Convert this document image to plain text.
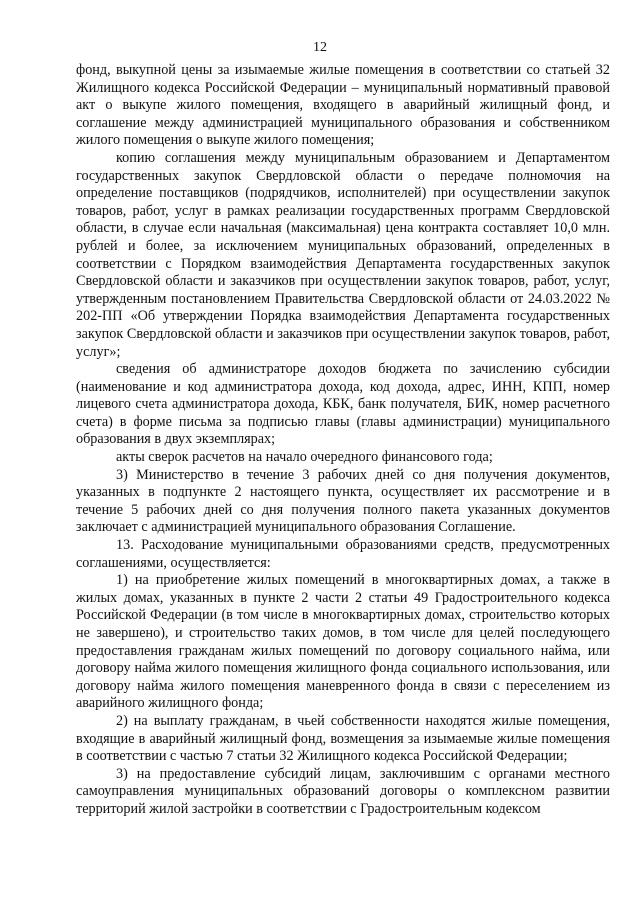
12

фонд, выкупной цены за изымаемые жилые помещения в соответствии со статьей 32 Жилищного кодекса Российской Федерации – муниципальный нормативный правовой акт о выкупе жилого помещения, входящего в аварийный жилищный фонд, и соглашение между администрацией муниципального образования и собственником жилого помещения о выкупе жилого помещения;

копию соглашения между муниципальным образованием и Департаментом государственных закупок Свердловской области о передаче полномочия на определение поставщиков (подрядчиков, исполнителей) при осуществлении закупок товаров, работ, услуг в рамках реализации государственных программ Свердловской области, в случае если начальная (максимальная) цена контракта составляет 10,0 млн. рублей и более, за исключением муниципальных образований, определенных в соответствии с Порядком взаимодействия Департамента государственных закупок Свердловской области и заказчиков при осуществлении закупок товаров, работ, услуг, утвержденным постановлением Правительства Свердловской области от 24.03.2022 № 202-ПП «Об утверждении Порядка взаимодействия Департамента государственных закупок Свердловской области и заказчиков при осуществлении закупок товаров, работ, услуг»;

сведения об администраторе доходов бюджета по зачислению субсидии (наименование и код администратора дохода, код дохода, адрес, ИНН, КПП, номер лицевого счета администратора дохода, КБК, банк получателя, БИК, номер расчетного счета) в форме письма за подписью главы (главы администрации) муниципального образования в двух экземплярах;

акты сверок расчетов на начало очередного финансового года;

3) Министерство в течение 3 рабочих дней со дня получения документов, указанных в подпункте 2 настоящего пункта, осуществляет их рассмотрение и в течение 5 рабочих дней со дня получения полного пакета указанных документов заключает с администрацией муниципального образования Соглашение.

13. Расходование муниципальными образованиями средств, предусмотренных соглашениями, осуществляется:

1) на приобретение жилых помещений в многоквартирных домах, а также в жилых домах, указанных в пункте 2 части 2 статьи 49 Градостроительного кодекса Российской Федерации (в том числе в многоквартирных домах, строительство которых не завершено), и строительство таких домов, в том числе для целей последующего предоставления гражданам жилых помещений по договору социального найма, или договору найма жилого помещения жилищного фонда социального использования, или договору найма жилого помещения маневренного фонда в связи с переселением из аварийного жилищного фонда;

2) на выплату гражданам, в чьей собственности находятся жилые помещения, входящие в аварийный жилищный фонд, возмещения за изымаемые жилые помещения в соответствии с частью 7 статьи 32 Жилищного кодекса Российской Федерации;

3) на предоставление субсидий лицам, заключившим с органами местного самоуправления муниципальных образований договоры о комплексном развитии территорий жилой застройки в соответствии с Градостроительным кодексом
